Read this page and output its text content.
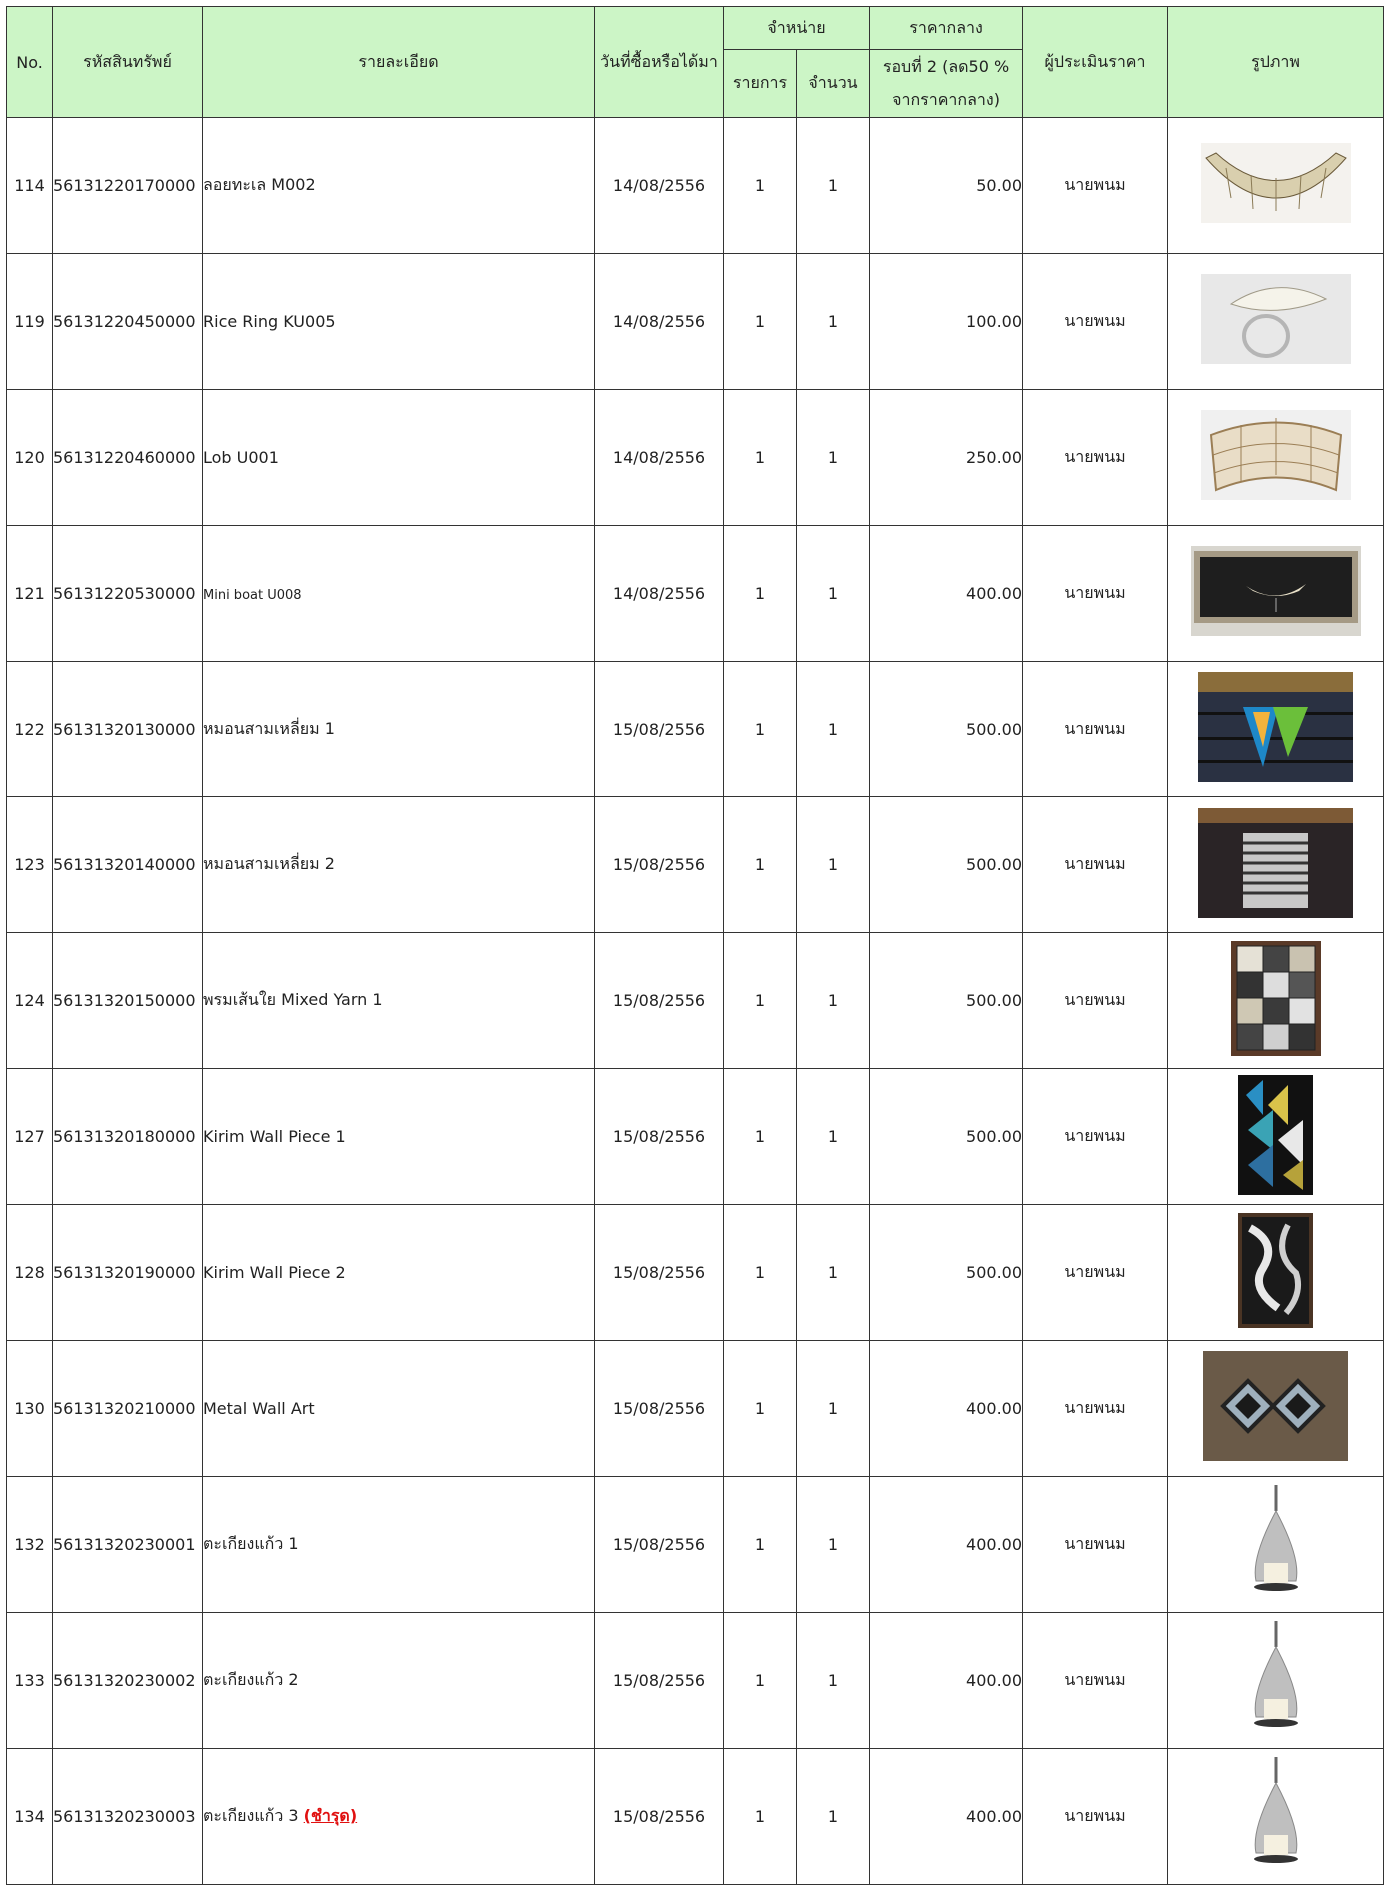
No.	รหัสสินทรัพย์	รายละเอียด	วันที่ซื้อหรือได้มา	จำหน่าย		ราคากลาง	ผู้ประเมินราคา	รูปภาพ
				รายการ	จำนวน	รอบที่ 2 (ลด50 %
จากราคากลาง)		

114	56131220170000	ลอยทะเล M002	14/08/2556	1	1	50.00	นายพนม	

119	56131220450000	Rice Ring KU005	14/08/2556	1	1	100.00	นายพนม	

120	56131220460000	Lob U001	14/08/2556	1	1	250.00	นายพนม	

121	56131220530000	Mini boat U008	14/08/2556	1	1	400.00	นายพนม	

122	56131320130000	หมอนสามเหลี่ยม 1	15/08/2556	1	1	500.00	นายพนม	

123	56131320140000	หมอนสามเหลี่ยม 2	15/08/2556	1	1	500.00	นายพนม	

124	56131320150000	พรมเส้นใย Mixed Yarn 1	15/08/2556	1	1	500.00	นายพนม	

127	56131320180000	Kirim Wall Piece 1	15/08/2556	1	1	500.00	นายพนม	

128	56131320190000	Kirim Wall Piece 2	15/08/2556	1	1	500.00	นายพนม	

130	56131320210000	Metal Wall Art	15/08/2556	1	1	400.00	นายพนม	

132	56131320230001	ตะเกียงแก้ว 1	15/08/2556	1	1	400.00	นายพนม	

133	56131320230002	ตะเกียงแก้ว 2	15/08/2556	1	1	400.00	นายพนม	

134	56131320230003	ตะเกียงแก้ว 3 (ชำรุด)	15/08/2556	1	1	400.00	นายพนม	
